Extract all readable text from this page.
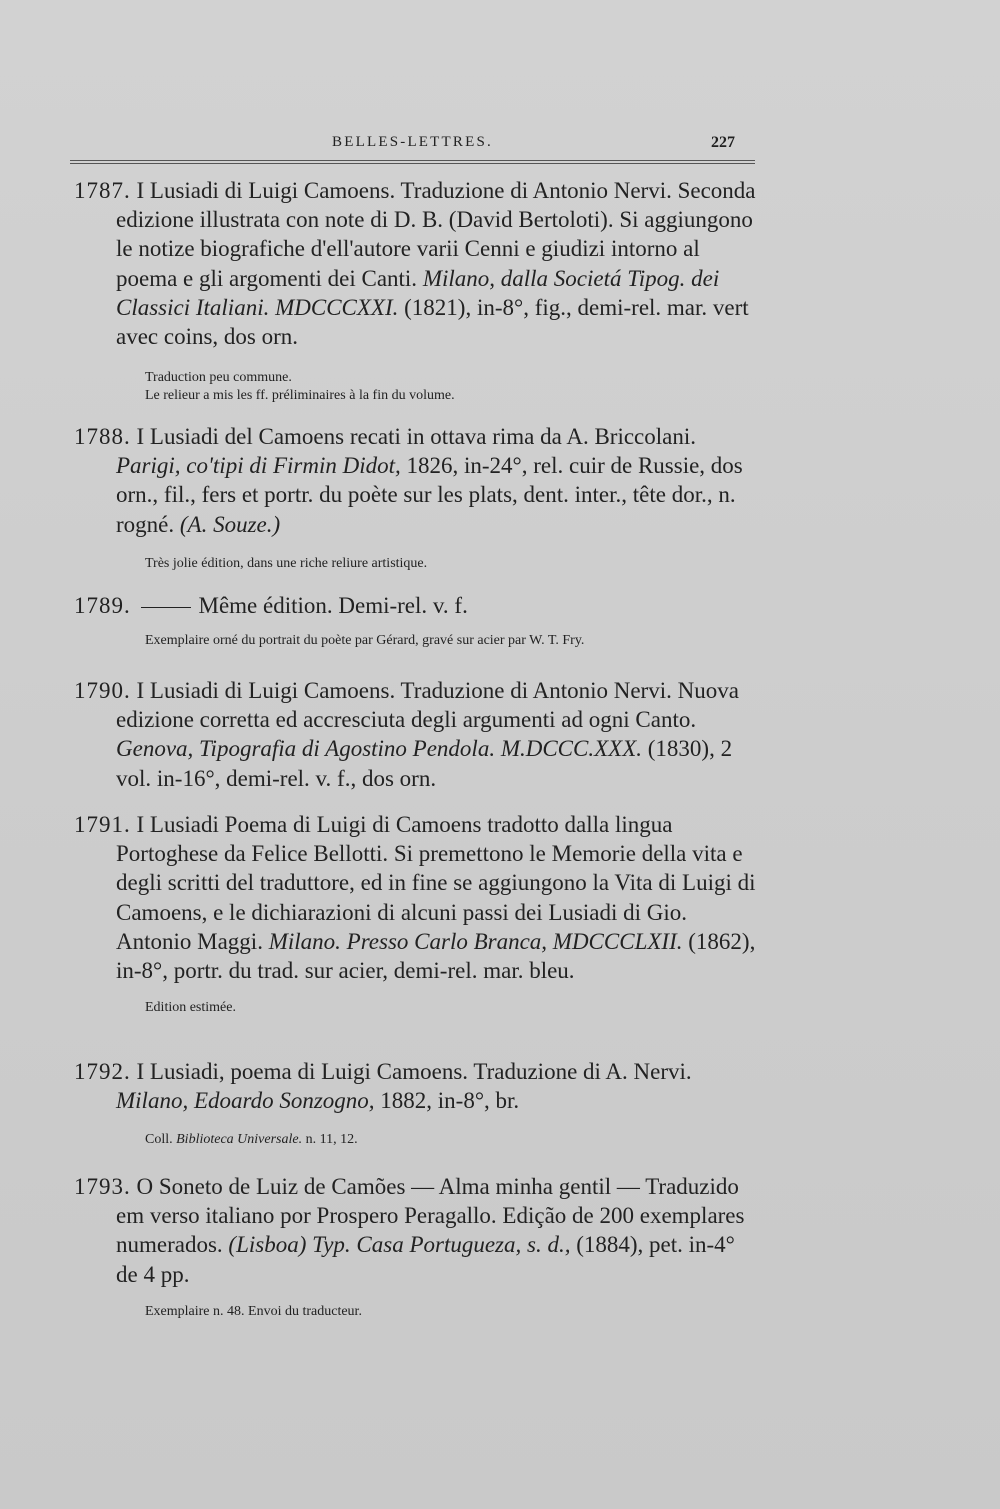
BELLES-LETTRES.	227

1787. I Lusiadi di Luigi Camoens. Traduzione di Antonio Nervi. Seconda edizione illustrata con note di D. B. (David Bertoloti). Si aggiungono le notize biografiche d'ell'autore varii Cenni e giudizi intorno al poema e gli argomenti dei Canti. Milano, dalla Societá Tipog. dei Classici Italiani. MDCCCXXI. (1821), in-8°, fig., demi-rel. mar. vert avec coins, dos orn.

Traduction peu commune.
Le relieur a mis les ff. préliminaires à la fin du volume.

1788. I Lusiadi del Camoens recati in ottava rima da A. Briccolani. Parigi, co'tipi di Firmin Didot, 1826, in-24°, rel. cuir de Russie, dos orn., fil., fers et portr. du poète sur les plats, dent. inter., tête dor., n. rogné. (A. Souze.)

Très jolie édition, dans une riche reliure artistique.

1789.	Même édition. Demi-rel. v. f.

Exemplaire orné du portrait du poète par Gérard, gravé sur acier par W. T. Fry.

1790. I Lusiadi di Luigi Camoens. Traduzione di Antonio Nervi. Nuova edizione corretta ed accresciuta degli argumenti ad ogni Canto. Genova, Tipografia di Agostino Pendola. M.DCCC.XXX. (1830), 2 vol. in-16°, demi-rel. v. f., dos orn.

1791. I Lusiadi Poema di Luigi di Camoens tradotto dalla lingua Portoghese da Felice Bellotti. Si premettono le Memorie della vita e degli scritti del traduttore, ed in fine se aggiungono la Vita di Luigi di Camoens, e le dichiarazioni di alcuni passi dei Lusiadi di Gio. Antonio Maggi. Milano. Presso Carlo Branca, MDCCCLXII. (1862), in-8°, portr. du trad. sur acier, demi-rel. mar. bleu.

Edition estimée.

1792. I Lusiadi, poema di Luigi Camoens. Traduzione di A. Nervi. Milano, Edoardo Sonzogno, 1882, in-8°, br.

Coll. Biblioteca Universale. n. 11, 12.

1793. O Soneto de Luiz de Camões — Alma minha gentil — Traduzido em verso italiano por Prospero Peragallo. Edição de 200 exemplares numerados. (Lisboa) Typ. Casa Portugueza, s. d., (1884), pet. in-4° de 4 pp.

Exemplaire n. 48. Envoi du traducteur.
